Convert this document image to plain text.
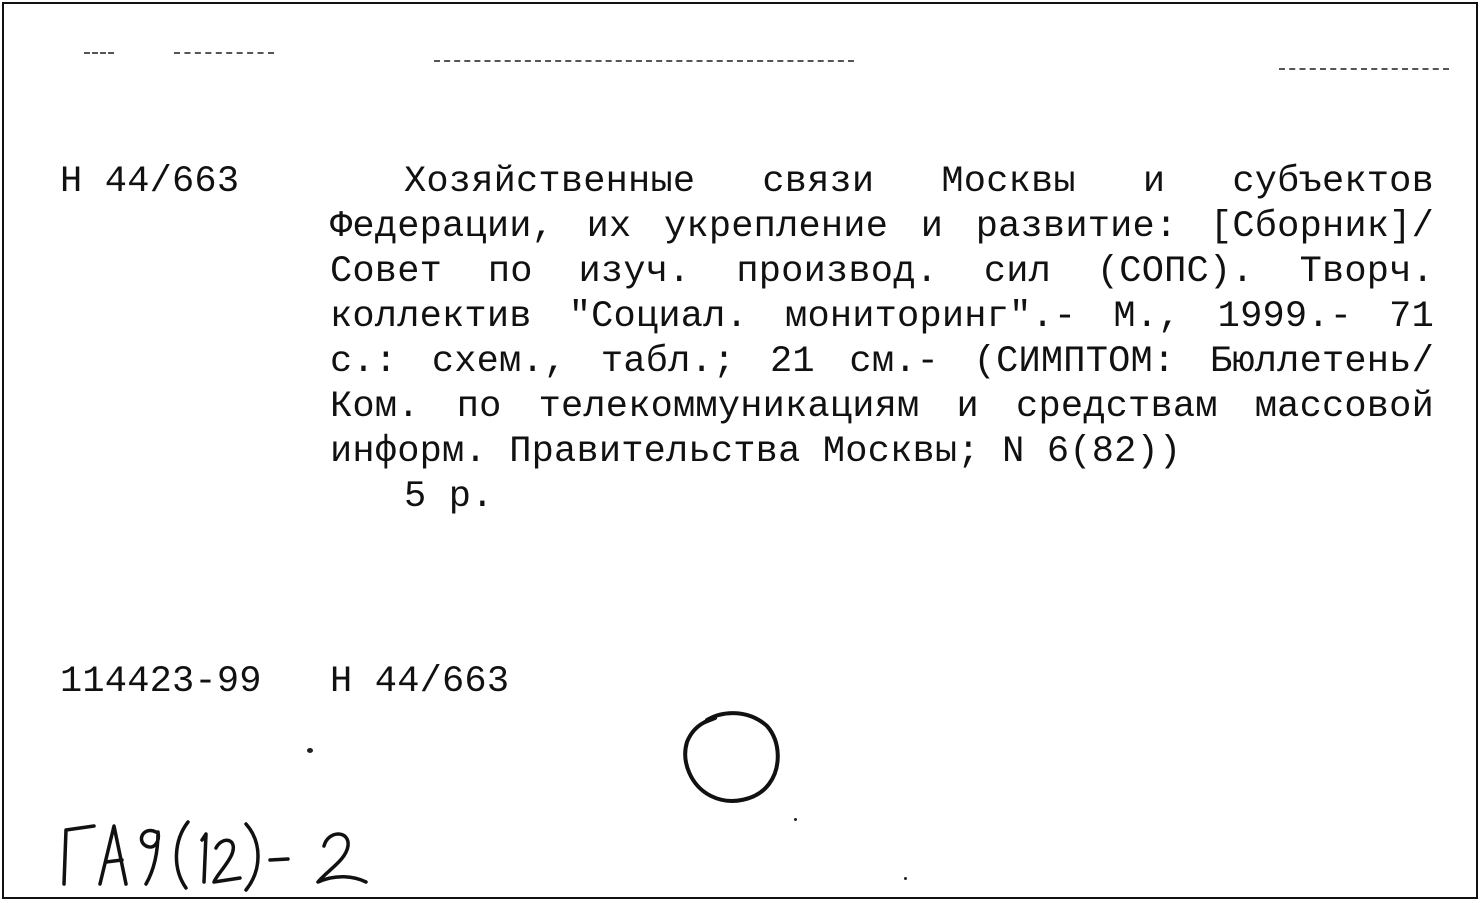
Н 44/663	Хозяйственные связи Москвы и субъектов
Федерации, их укрепление и развитие: [Сборник]/ Совет по изуч. производ. сил (СОПС). Творч. коллектив "Социал. мониторинг".- М., 1999.- 71 с.: схем., табл.; 21 см.- (СИМПТОМ: Бюллетень/ Ком. по телекоммуникациям и средствам массовой информ. Правительства Москвы; N 6(82))
5 р.
114423-99 Н 44/663
